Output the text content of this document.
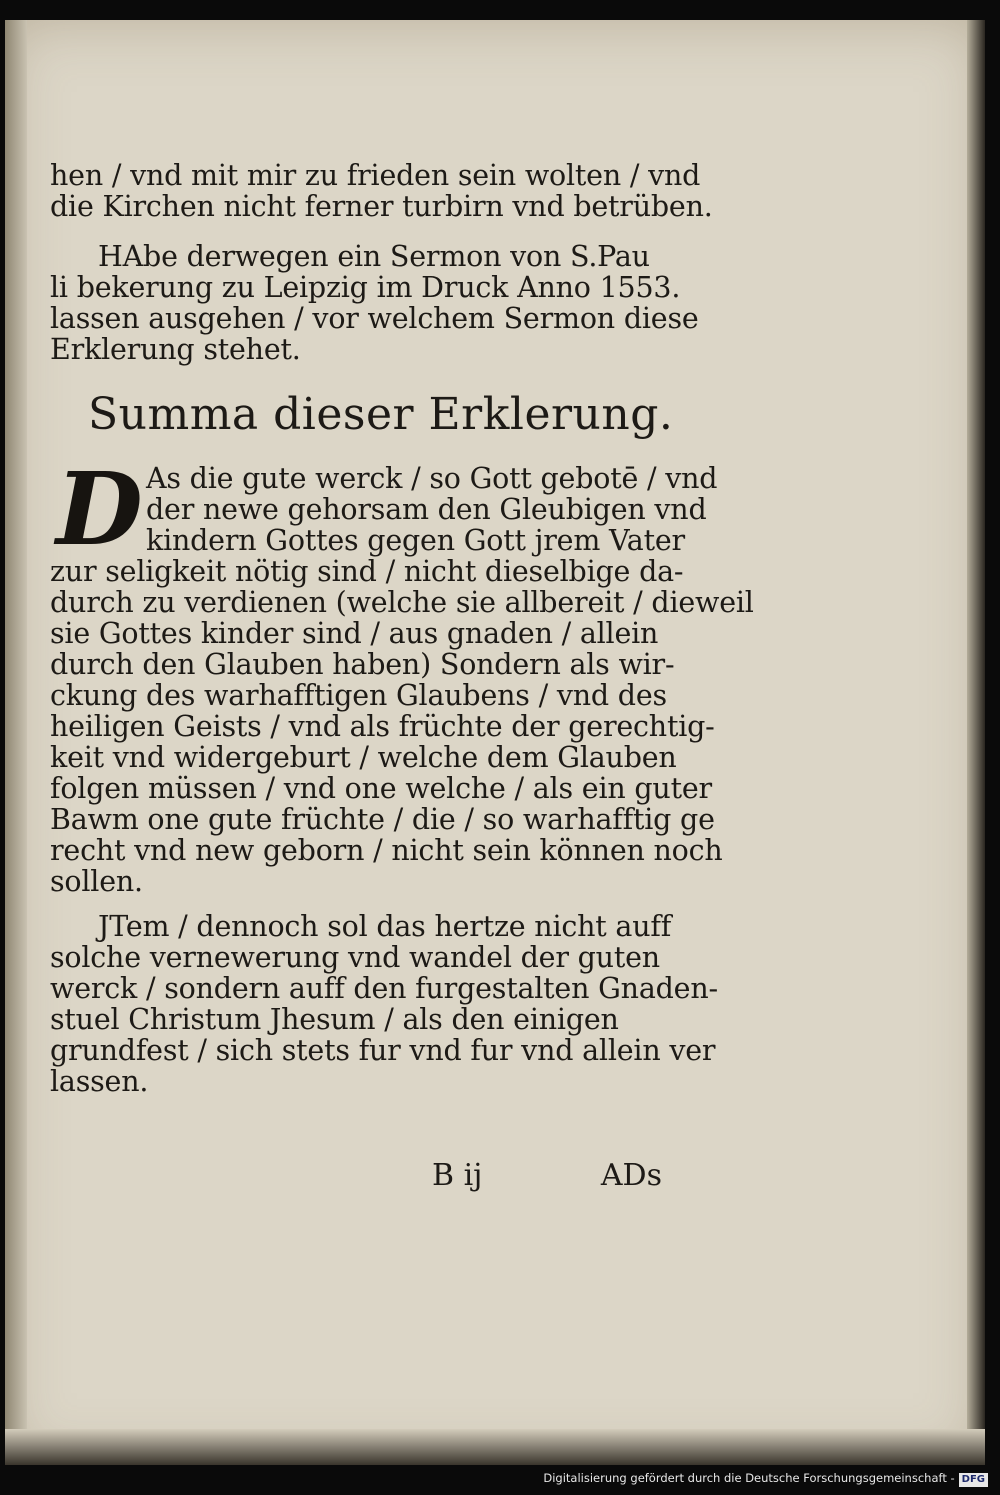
hen / vnd mit mir zu frieden sein wolten / vnd
die Kirchen nicht ferner turbirn vnd betrüben.
HAbe derwegen ein Sermon von S.Pau
li bekerung zu Leipzig im Druck Anno 1553.
lassen ausgehen / vor welchem Sermon diese
Erklerung stehet.
Summa dieser Erklerung.
D As die gute werck / so Gott gebotē / vnd
der newe gehorsam den Gleubigen vnd
kindern Gottes gegen Gott jrem Vater
zur seligkeit nötig sind / nicht dieselbige da-
durch zu verdienen (welche sie allbereit / dieweil
sie Gottes kinder sind / aus gnaden / allein
durch den Glauben haben) Sondern als wir-
ckung des warhafftigen Glaubens / vnd des
heiligen Geists / vnd als früchte der gerechtig-
keit vnd widergeburt / welche dem Glauben
folgen müssen / vnd one welche / als ein guter
Bawm one gute früchte / die / so warhafftig ge
recht vnd new geborn / nicht sein können noch
sollen.
JTem / dennoch sol das hertze nicht auff
solche vernewerung vnd wandel der guten
werck / sondern auff den furgestalten Gnaden-
stuel Christum Jhesum / als den einigen
grundfest / sich stets fur vnd fur vnd allein ver
lassen.
B ij	ADs
Digitalisierung gefördert durch die Deutsche Forschungsgemeinschaft - DFG
